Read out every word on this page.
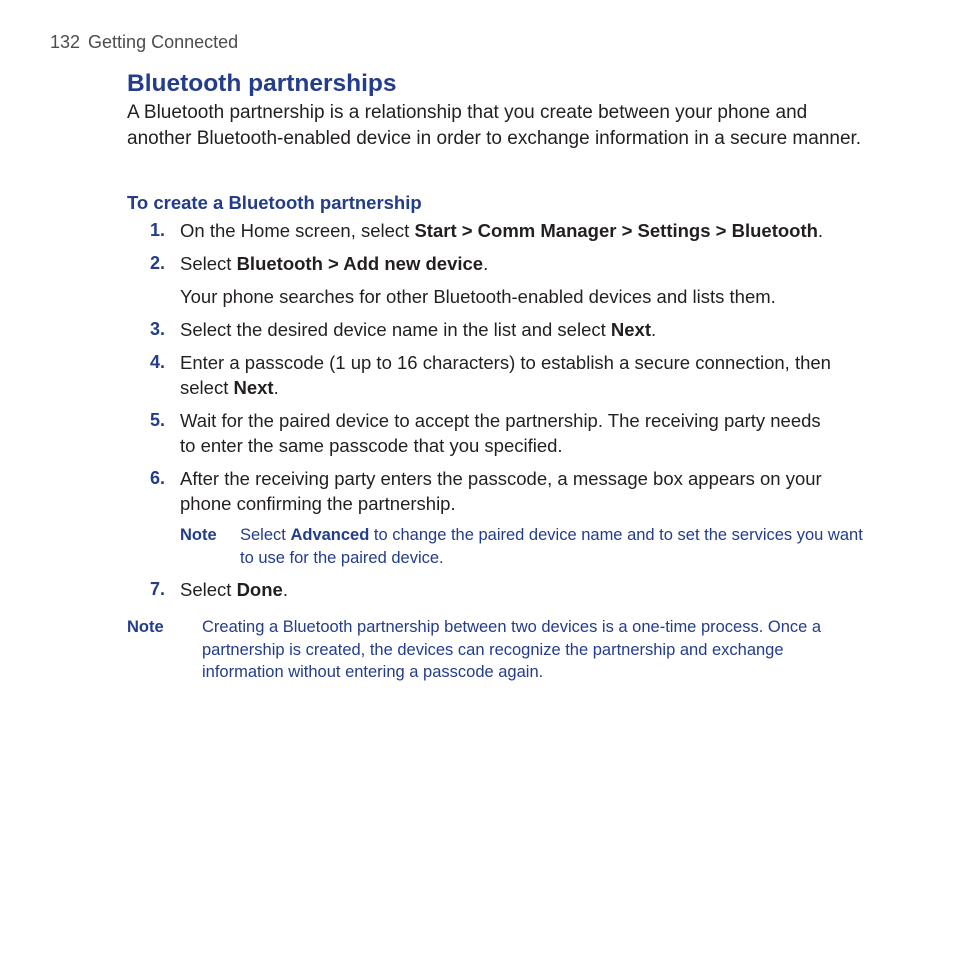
132 Getting Connected
Bluetooth partnerships

A Bluetooth partnership is a relationship that you create between your phone and another Bluetooth-enabled device in order to exchange information in a secure manner.

To create a Bluetooth partnership
1. On the Home screen, select Start > Comm Manager > Settings > Bluetooth.
2. Select Bluetooth > Add new device.

Your phone searches for other Bluetooth-enabled devices and lists them.

3. Select the desired device name in the list and select Next.
4. Enter a passcode (1 up to 16 characters) to establish a secure connection, then select Next.
5. Wait for the paired device to accept the partnership. The receiving party needs to enter the same passcode that you specified.
6. After the receiving party enters the passcode, a message box appears on your phone confirming the partnership.
Note Select Advanced to change the paired device name and to set the services you want to use for the paired device.
7. Select Done.
Note Creating a Bluetooth partnership between two devices is a one-time process. Once a partnership is created, the devices can recognize the partnership and exchange information without entering a passcode again.
